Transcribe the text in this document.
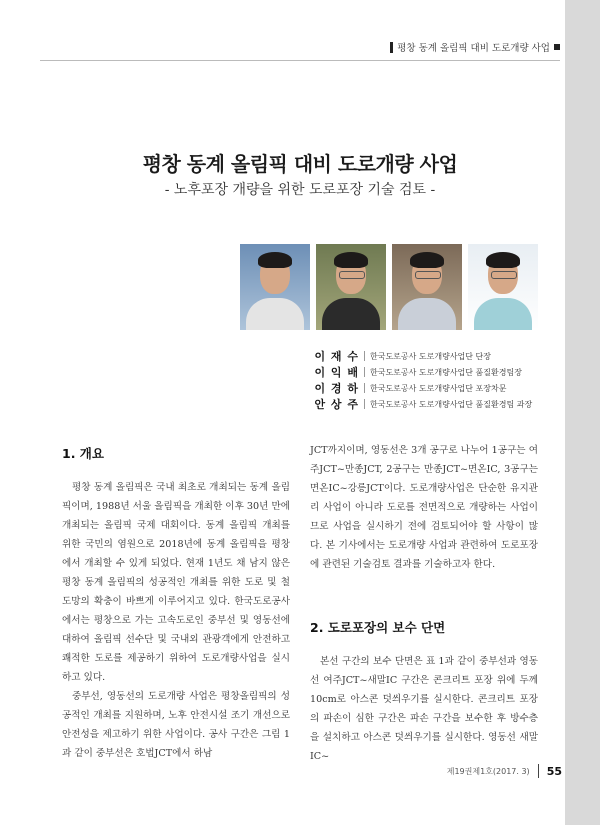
평창 동계 올림픽 대비 도로개량 사업
평창 동계 올림픽 대비 도로개량 사업
- 노후포장 개량을 위한 도로포장 기술 검토 -
이 재 수 한국도로공사 도로개량사업단 단장
이 익 배 한국도로공사 도로개량사업단 품질환경팀장
이 경 하 한국도로공사 도로개량사업단 포장차문
안 상 주 한국도로공사 도로개량사업단 품질환경팀 과장
1. 개요

평창 동계 올림픽은 국내 최초로 개최되는 동계 올림픽이며, 1988년 서울 올림픽을 개최한 이후 30년 만에 개최되는 올림픽 국제 대회이다. 동계 올림픽 개최를 위한 국민의 염원으로 2018년에 동계 올림픽을 평창에서 개최할 수 있게 되었다. 현재 1년도 채 남지 않은 평창 동계 올림픽의 성공적인 개최를 위한 도로 및 철도망의 확충이 바쁘게 이루어지고 있다. 한국도로공사에서는 평창으로 가는 고속도로인 중부선 및 영동선에 대하여 올림픽 선수단 및 국내외 관광객에게 안전하고 쾌적한 도로를 제공하기 위하여 도로개량사업을 실시하고 있다.

중부선, 영동선의 도로개량 사업은 평창올림픽의 성공적인 개최를 지원하며, 노후 안전시설 조기 개선으로 안전성을 제고하기 위한 사업이다. 공사 구간은 그림 1과 같이 중부선은 호법JCT에서 하남

JCT까지이며, 영동선은 3개 공구로 나누어 1공구는 여주JCT~만종JCT, 2공구는 만종JCT~면온IC, 3공구는 면온IC~강릉JCT이다. 도로개량사업은 단순한 유지관리 사업이 아니라 도로를 전면적으로 개량하는 사업이므로 사업을 실시하기 전에 검토되어야 할 사항이 많다. 본 기사에서는 도로개량 사업과 관련하여 도로포장에 관련된 기술검토 결과를 기술하고자 한다.

2. 도로포장의 보수 단면

본선 구간의 보수 단면은 표 1과 같이 중부선과 영동선 여주JCT~새말IC 구간은 콘크리트 포장 위에 두께 10cm로 아스콘 덧씌우기를 실시한다. 콘크리트 포장의 파손이 심한 구간은 파손 구간을 보수한 후 방수층을 설치하고 아스콘 덧씌우기를 실시한다. 영동선 새말IC~

제19권제1호(2017. 3) 55
